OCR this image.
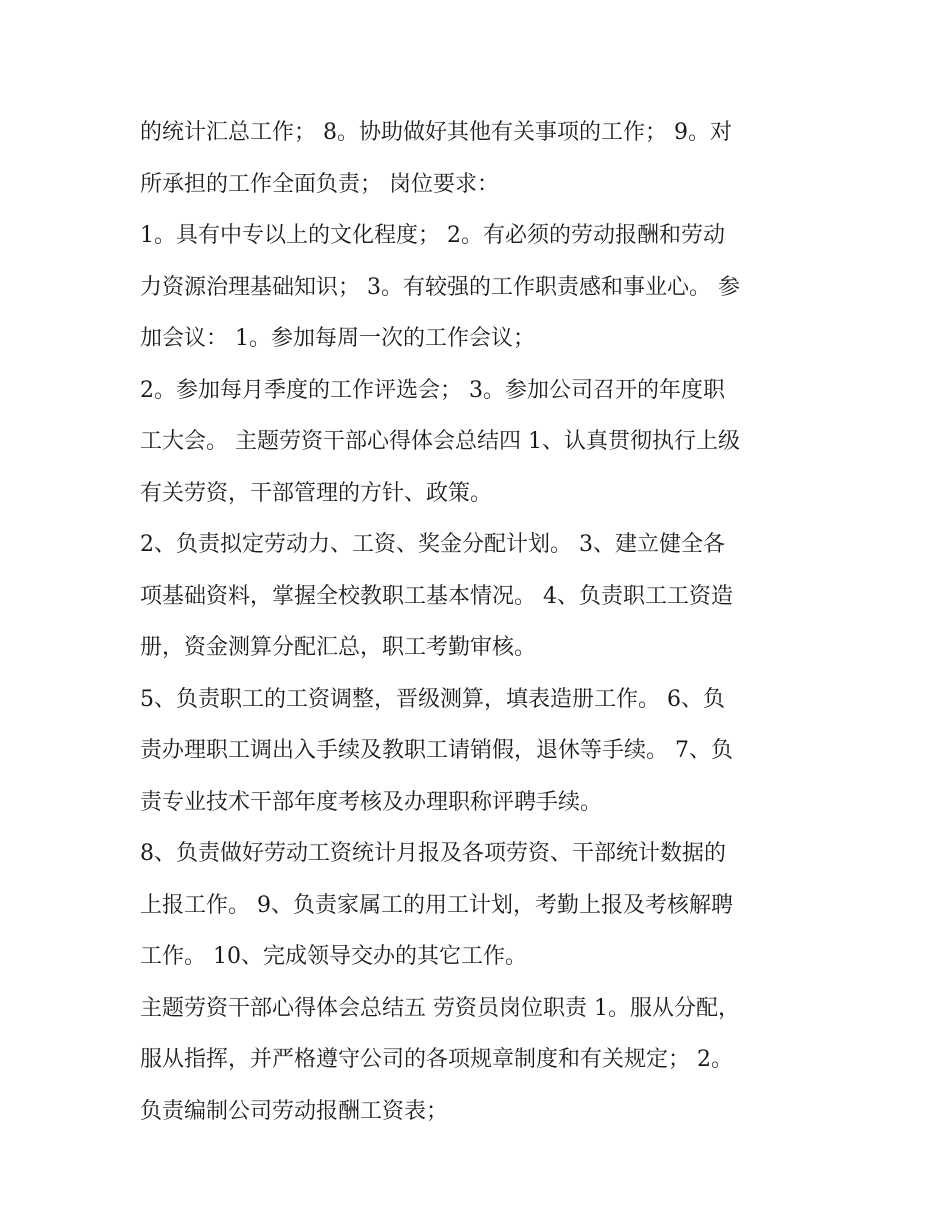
的统计汇总工作； 8。协助做好其他有关事项的工作； 9。对
所承担的工作全面负责； 岗位要求：
1。具有中专以上的文化程度； 2。有必须的劳动报酬和劳动
力资源治理基础知识； 3。有较强的工作职责感和事业心。 参
加会议： 1。参加每周一次的工作会议；
2。参加每月季度的工作评选会； 3。参加公司召开的年度职
工大会。 主题劳资干部心得体会总结四 1、认真贯彻执行上级
有关劳资，干部管理的方针、政策。
2、负责拟定劳动力、工资、奖金分配计划。 3、建立健全各
项基础资料，掌握全校教职工基本情况。 4、负责职工工资造
册，资金测算分配汇总，职工考勤审核。
5、负责职工的工资调整，晋级测算，填表造册工作。 6、负
责办理职工调出入手续及教职工请销假，退休等手续。 7、负
责专业技术干部年度考核及办理职称评聘手续。
8、负责做好劳动工资统计月报及各项劳资、干部统计数据的
上报工作。 9、负责家属工的用工计划，考勤上报及考核解聘
工作。 10、完成领导交办的其它工作。
主题劳资干部心得体会总结五 劳资员岗位职责 1。服从分配，
服从指挥，并严格遵守公司的各项规章制度和有关规定； 2。
负责编制公司劳动报酬工资表；
